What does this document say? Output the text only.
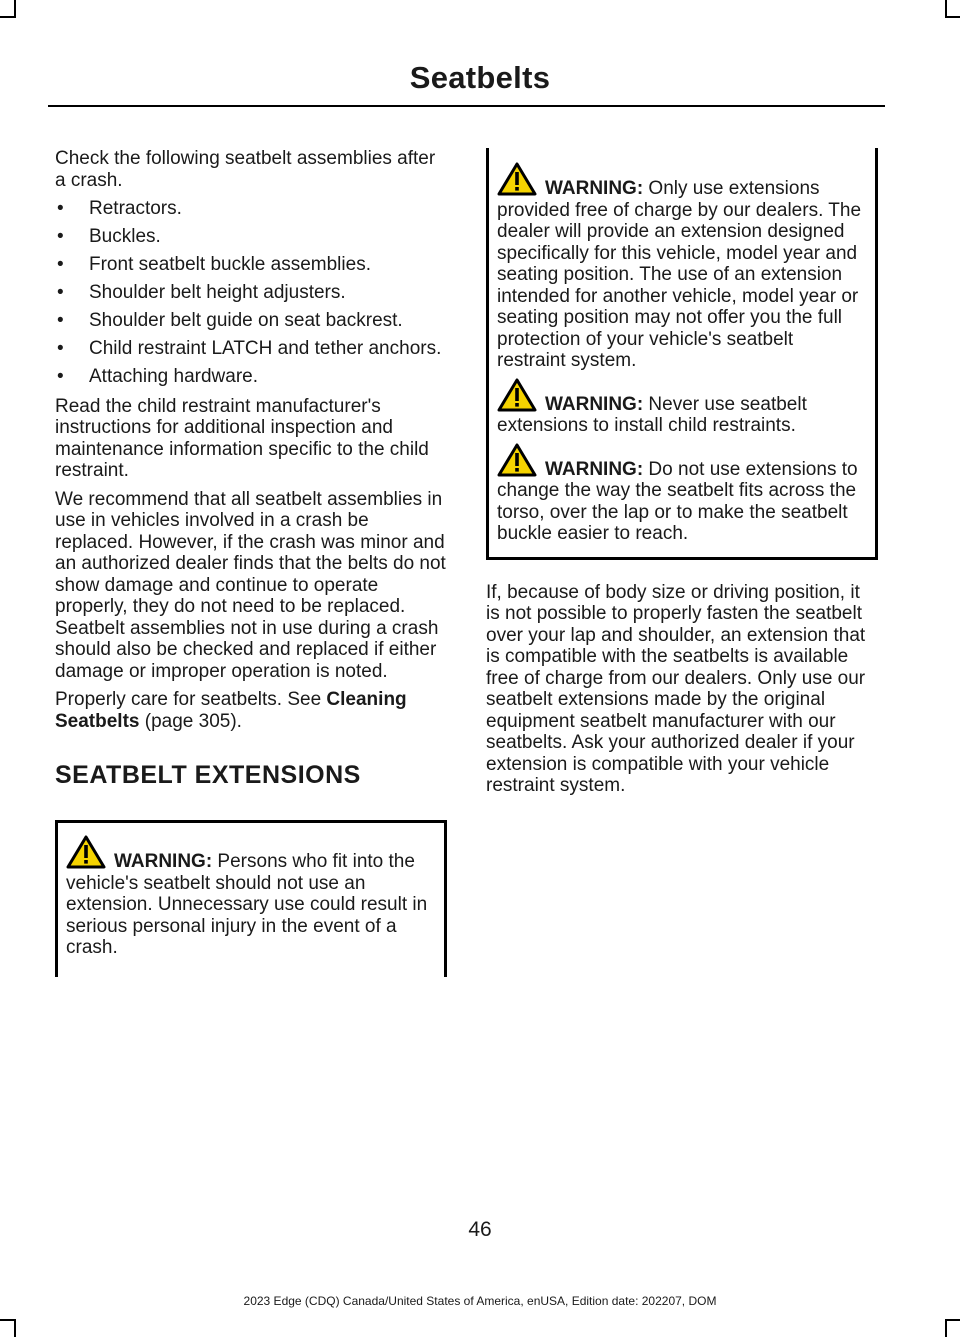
Seatbelts

Check the following seatbelt assemblies after a crash.

• Retractors.
• Buckles.
• Front seatbelt buckle assemblies.
• Shoulder belt height adjusters.
• Shoulder belt guide on seat backrest.
• Child restraint LATCH and tether anchors.
• Attaching hardware.

Read the child restraint manufacturer's instructions for additional inspection and maintenance information specific to the child restraint.

We recommend that all seatbelt assemblies in use in vehicles involved in a crash be replaced. However, if the crash was minor and an authorized dealer finds that the belts do not show damage and continue to operate properly, they do not need to be replaced. Seatbelt assemblies not in use during a crash should also be checked and replaced if either damage or improper operation is noted.

Properly care for seatbelts. See Cleaning Seatbelts (page 305).

SEATBELT EXTENSIONS

WARNING: Persons who fit into the vehicle's seatbelt should not use an extension. Unnecessary use could result in serious personal injury in the event of a crash.

WARNING: Only use extensions provided free of charge by our dealers. The dealer will provide an extension designed specifically for this vehicle, model year and seating position. The use of an extension intended for another vehicle, model year or seating position may not offer you the full protection of your vehicle's seatbelt restraint system.

WARNING: Never use seatbelt extensions to install child restraints.

WARNING: Do not use extensions to change the way the seatbelt fits across the torso, over the lap or to make the seatbelt buckle easier to reach.

If, because of body size or driving position, it is not possible to properly fasten the seatbelt over your lap and shoulder, an extension that is compatible with the seatbelts is available free of charge from our dealers. Only use our seatbelt extensions made by the original equipment seatbelt manufacturer with our seatbelts. Ask your authorized dealer if your extension is compatible with your vehicle restraint system.

46
2023 Edge (CDQ) Canada/United States of America, enUSA, Edition date: 202207, DOM
